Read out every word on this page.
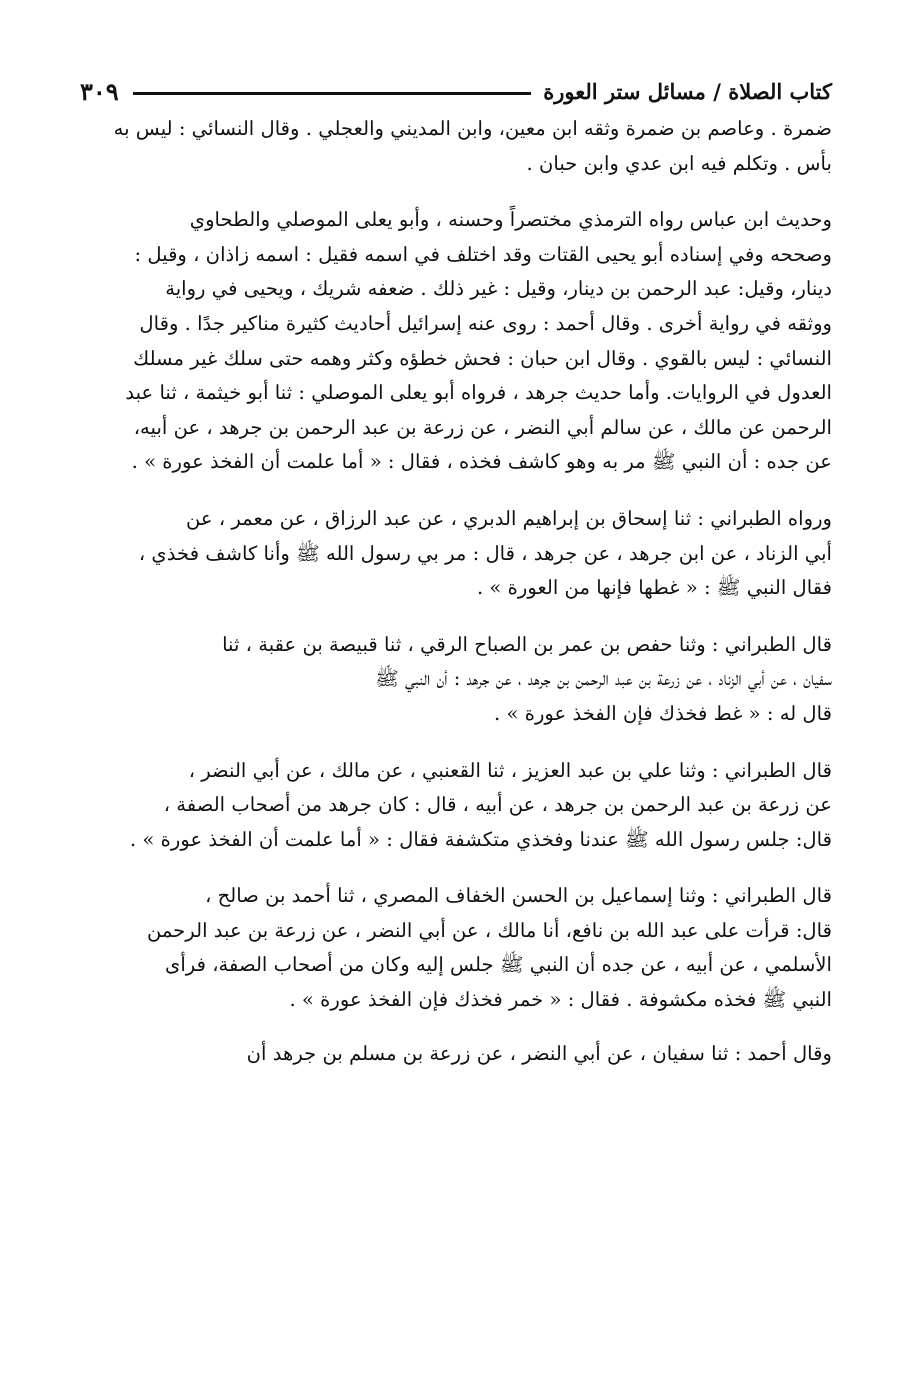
كتاب الصلاة / مسائل ستر العورة
٣٠٩

ضمرة . وعاصم بن ضمرة وثقه ابن معين، وابن المديني والعجلي . وقال النسائي : ليس به
بأس . وتكلم فيه ابن عدي وابن حبان .

وحديث ابن عباس رواه الترمذي مختصراً وحسنه ، وأبو يعلى الموصلي والطحاوي
وصححه وفي إسناده أبو يحيى القتات وقد اختلف في اسمه فقيل : اسمه زاذان ، وقيل :
دينار، وقيل: عبد الرحمن بن دينار، وقيل : غير ذلك . ضعفه شريك ، ويحيى في رواية
ووثقه في رواية أخرى . وقال أحمد : روى عنه إسرائيل أحاديث كثيرة مناكير جدًا . وقال
النسائي : ليس بالقوي . وقال ابن حبان : فحش خطؤه وكثر وهمه حتى سلك غير مسلك
العدول في الروايات. وأما حديث جرهد ، فرواه أبو يعلى الموصلي : ثنا أبو خيثمة ، ثنا عبد
الرحمن عن مالك ، عن سالم أبي النضر ، عن زرعة بن عبد الرحمن بن جرهد ، عن أبيه،
عن جده : أن النبي ﷺ مر به وهو كاشف فخذه ، فقال : « أما علمت أن الفخذ عورة » .

ورواه الطبراني : ثنا إسحاق بن إبراهيم الدبري ، عن عبد الرزاق ، عن معمر ، عن
أبي الزناد ، عن ابن جرهد ، عن جرهد ، قال : مر بي رسول الله ﷺ وأنا كاشف فخذي ،
فقال النبي ﷺ : « غطها فإنها من العورة » .

قال الطبراني : وثنا حفص بن عمر بن الصباح الرقي ، ثنا قبيصة بن عقبة ، ثنا
سفيان ، عن أبي الزناد ، عن زرعة بن عبد الرحمن بن جرهد ، عن جرهد : أن النبي ﷺ
قال له : « غط فخذك فإن الفخذ عورة » .

قال الطبراني : وثنا علي بن عبد العزيز ، ثنا القعنبي ، عن مالك ، عن أبي النضر ،
عن زرعة بن عبد الرحمن بن جرهد ، عن أبيه ، قال : كان جرهد من أصحاب الصفة ،
قال: جلس رسول الله ﷺ عندنا وفخذي متكشفة فقال : « أما علمت أن الفخذ عورة » .

قال الطبراني : وثنا إسماعيل بن الحسن الخفاف المصري ، ثنا أحمد بن صالح ،
قال: قرأت على عبد الله بن نافع، أنا مالك ، عن أبي النضر ، عن زرعة بن عبد الرحمن
الأسلمي ، عن أبيه ، عن جده أن النبي ﷺ جلس إليه وكان من أصحاب الصفة، فرأى
النبي ﷺ فخذه مكشوفة . فقال : « خمر فخذك فإن الفخذ عورة » .

وقال أحمد : ثنا سفيان ، عن أبي النضر ، عن زرعة بن مسلم بن جرهد أن
